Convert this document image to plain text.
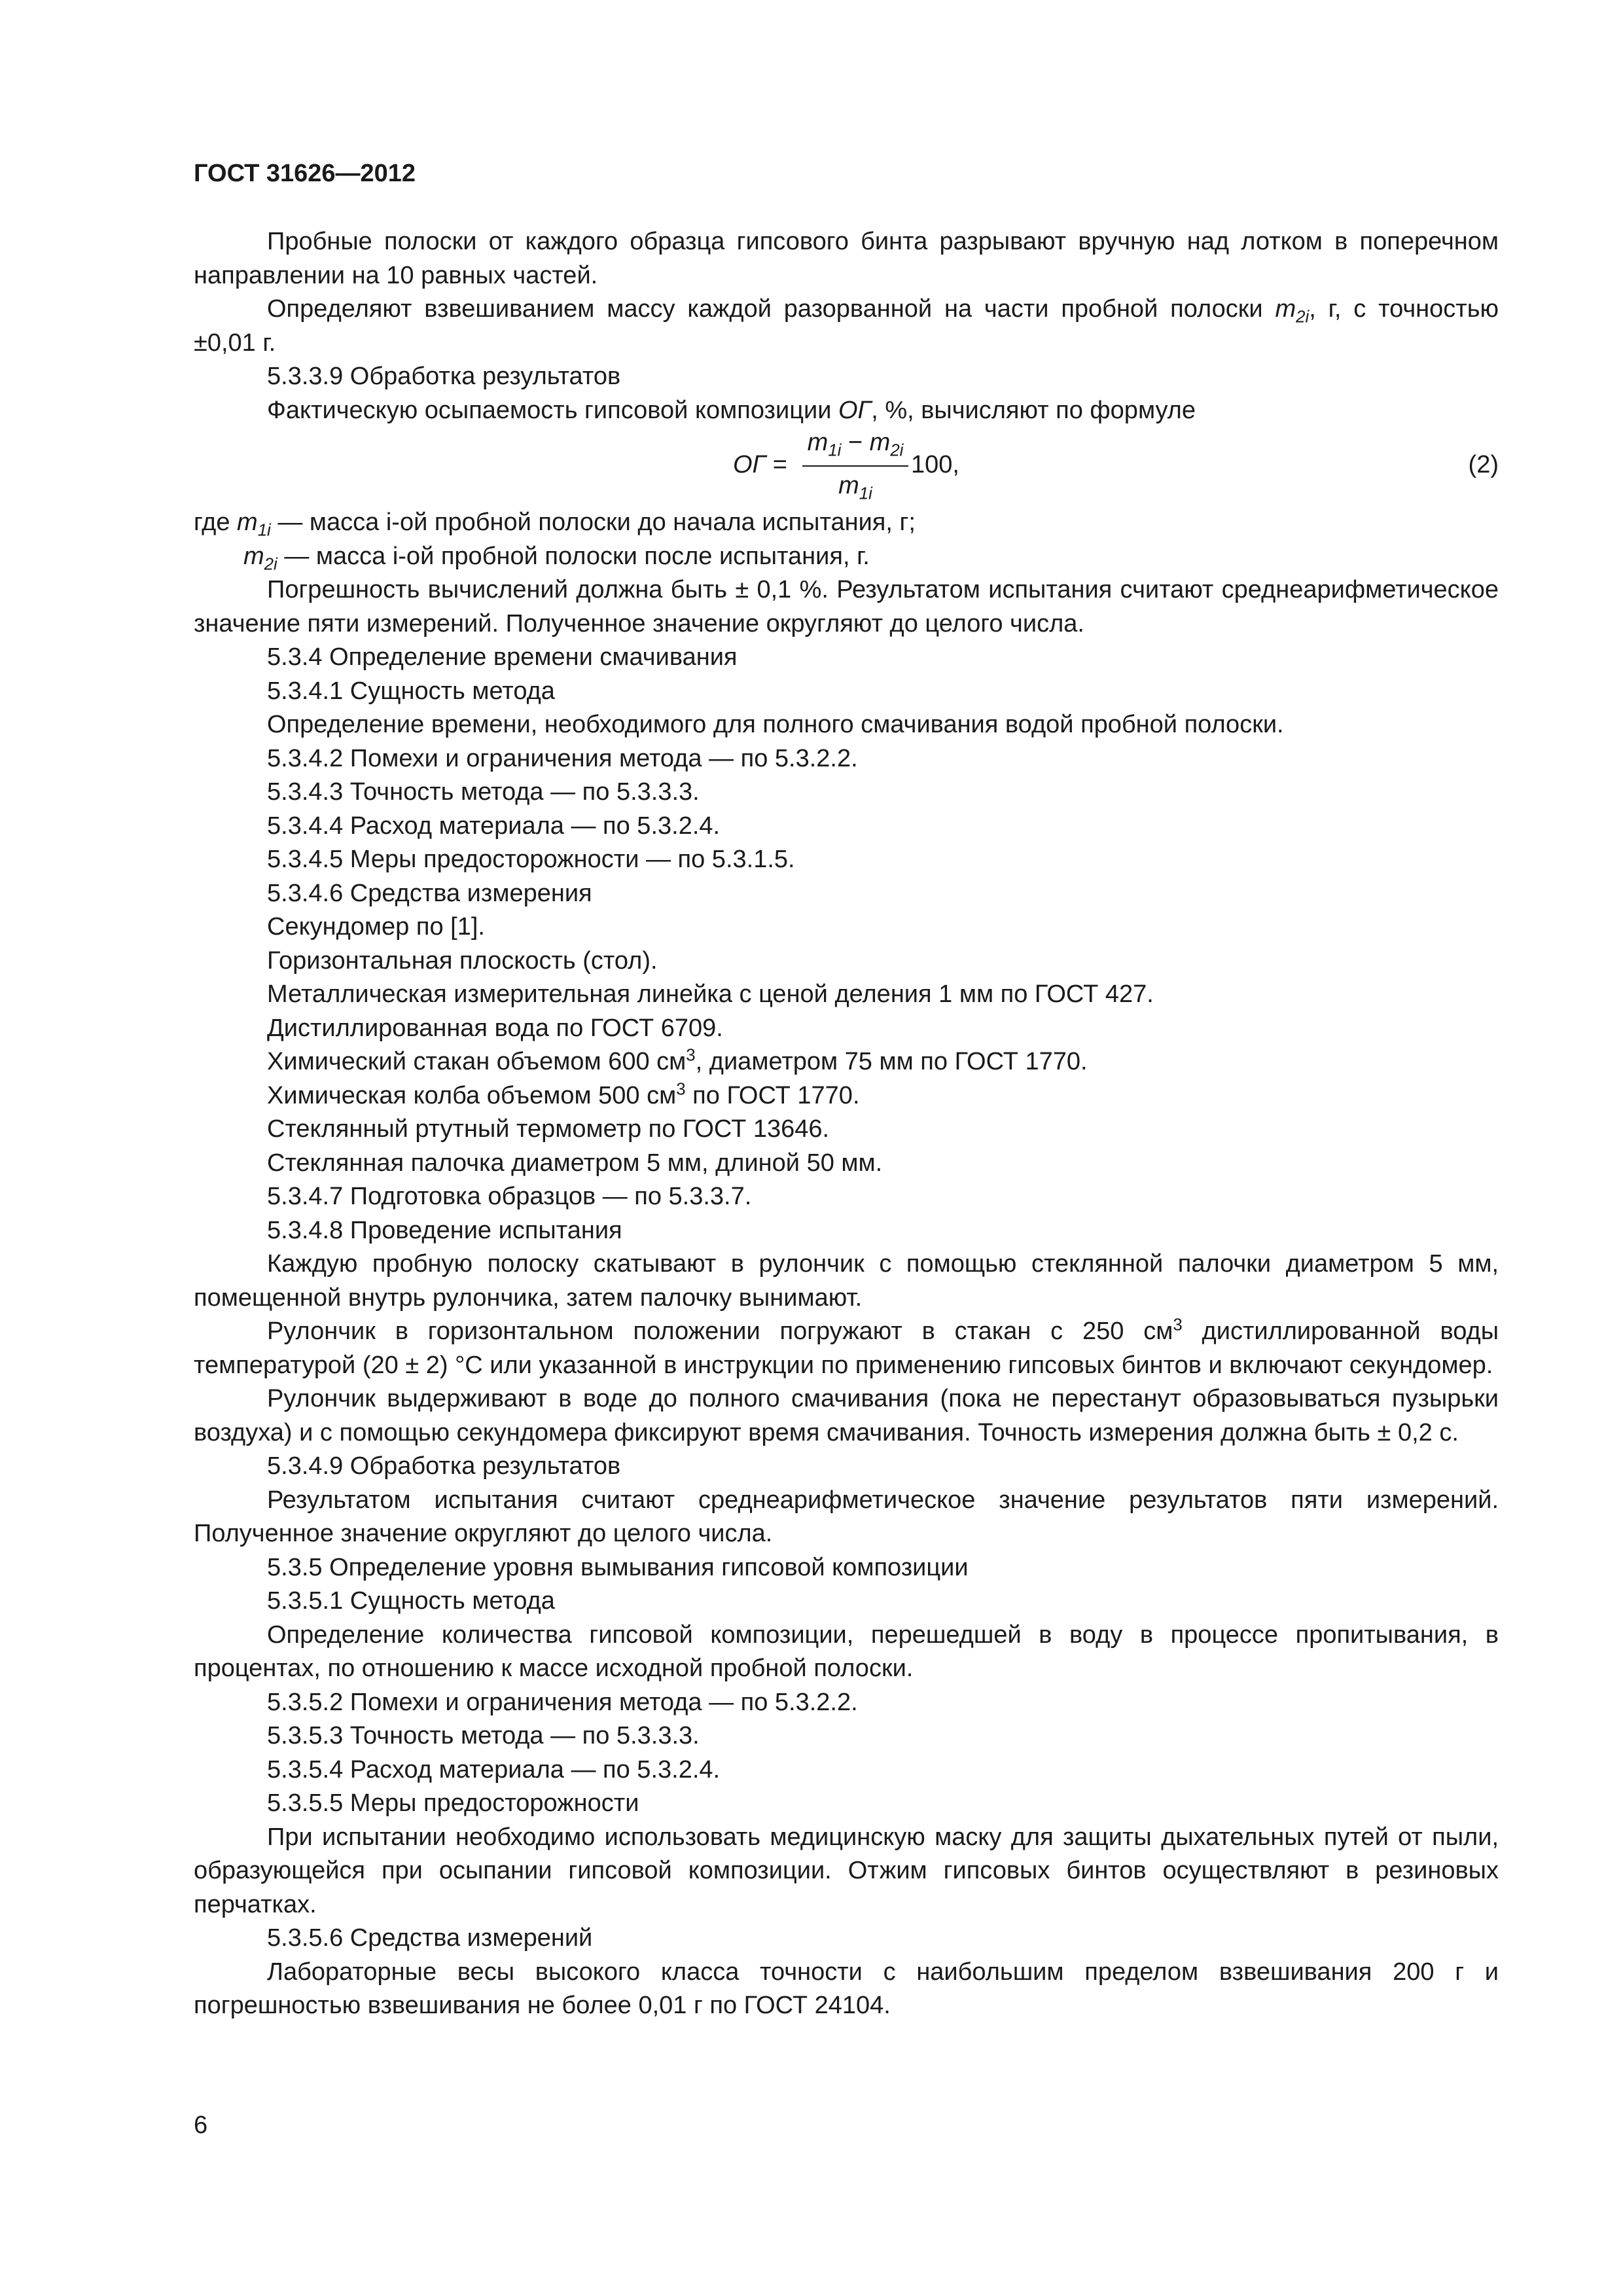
ГОСТ 31626—2012

Пробные полоски от каждого образца гипсового бинта разрывают вручную над лотком в поперечном направлении на 10 равных частей.

Определяют взвешиванием массу каждой разорванной на части пробной полоски $m_{2i}$, г, с точностью ±0,01 г.

5.3.3.9 Обработка результатов

Фактическую осыпаемость гипсовой композиции ОГ, %, вычисляют по формуле

ОГ =
$m_{1i} - m_{2i}$
$m_{1i}$
100,	(2)

где $m_{1i}$ — масса i-ой пробной полоски до начала испытания, г;

$m_{2i}$ — масса i-ой пробной полоски после испытания, г.

Погрешность вычислений должна быть ± 0,1 %. Результатом испытания считают среднеарифметическое значение пяти измерений. Полученное значение округляют до целого числа.

5.3.4 Определение времени смачивания

5.3.4.1 Сущность метода

Определение времени, необходимого для полного смачивания водой пробной полоски.

5.3.4.2 Помехи и ограничения метода — по 5.3.2.2.

5.3.4.3 Точность метода — по 5.3.3.3.

5.3.4.4 Расход материала — по 5.3.2.4.

5.3.4.5 Меры предосторожности — по 5.3.1.5.

5.3.4.6 Средства измерения

Секундомер по [1].

Горизонтальная плоскость (стол).

Металлическая измерительная линейка с ценой деления 1 мм по ГОСТ 427.

Дистиллированная вода по ГОСТ 6709.

Химический стакан объемом 600 $см^3$, диаметром 75 мм по ГОСТ 1770.

Химическая колба объемом 500 $см^3$ по ГОСТ 1770.

Стеклянный ртутный термометр по ГОСТ 13646.

Стеклянная палочка диаметром 5 мм, длиной 50 мм.

5.3.4.7 Подготовка образцов — по 5.3.3.7.

5.3.4.8 Проведение испытания

Каждую пробную полоску скатывают в рулончик с помощью стеклянной палочки диаметром 5 мм, помещенной внутрь рулончика, затем палочку вынимают.

Рулончик в горизонтальном положении погружают в стакан с 250 $см^3$ дистиллированной воды температурой (20 ± 2) °С или указанной в инструкции по применению гипсовых бинтов и включают секундомер.

Рулончик выдерживают в воде до полного смачивания (пока не перестанут образовываться пузырьки воздуха) и с помощью секундомера фиксируют время смачивания. Точность измерения должна быть ± 0,2 с.

5.3.4.9 Обработка результатов

Результатом испытания считают среднеарифметическое значение результатов пяти измерений. Полученное значение округляют до целого числа.

5.3.5 Определение уровня вымывания гипсовой композиции

5.3.5.1 Сущность метода

Определение количества гипсовой композиции, перешедшей в воду в процессе пропитывания, в процентах, по отношению к массе исходной пробной полоски.

5.3.5.2 Помехи и ограничения метода — по 5.3.2.2.

5.3.5.3 Точность метода — по 5.3.3.3.

5.3.5.4 Расход материала — по 5.3.2.4.

5.3.5.5 Меры предосторожности

При испытании необходимо использовать медицинскую маску для защиты дыхательных путей от пыли, образующейся при осыпании гипсовой композиции. Отжим гипсовых бинтов осуществляют в резиновых перчатках.

5.3.5.6 Средства измерений

Лабораторные весы высокого класса точности с наибольшим пределом взвешивания 200 г и погрешностью взвешивания не более 0,01 г по ГОСТ 24104.

6
